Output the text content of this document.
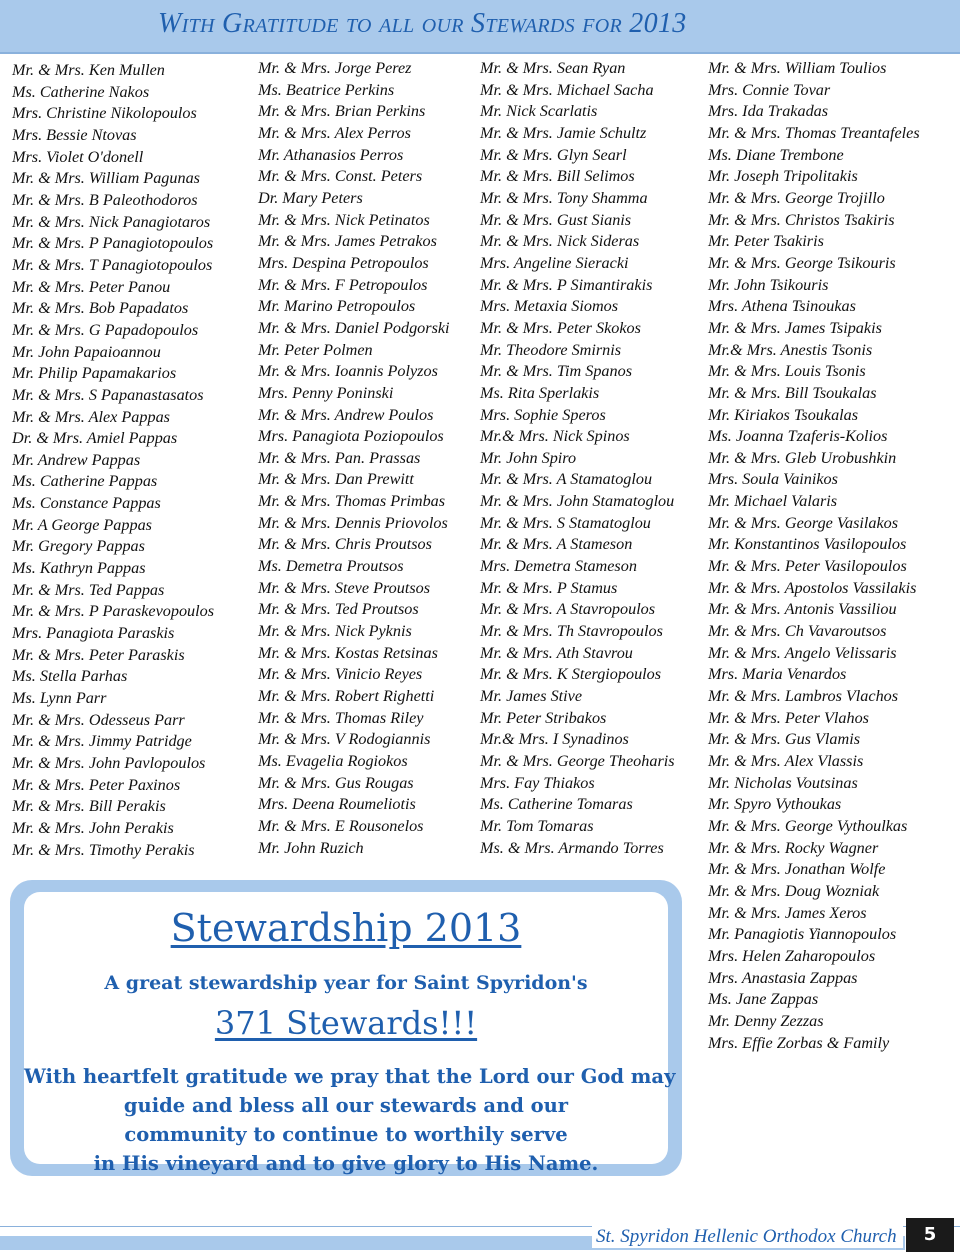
With Gratitude to all our Stewards for 2013
Mr. & Mrs. Ken Mullen
Ms. Catherine Nakos
Mrs. Christine Nikolopoulos
Mrs. Bessie Ntovas
Mrs. Violet O'donell
Mr. & Mrs. William Pagunas
Mr. & Mrs. B Paleothodoros
Mr. & Mrs. Nick Panagiotaros
Mr. & Mrs. P Panagiotopoulos
Mr. & Mrs. T Panagiotopoulos
Mr. & Mrs. Peter Panou
Mr. & Mrs. Bob Papadatos
Mr. & Mrs. G Papadopoulos
Mr. John Papaioannou
Mr. Philip Papamakarios
Mr. & Mrs. S Papanastasatos
Mr. & Mrs. Alex Pappas
Dr. & Mrs. Amiel Pappas
Mr. Andrew Pappas
Ms. Catherine Pappas
Ms. Constance Pappas
Mr. A George Pappas
Mr. Gregory Pappas
Ms. Kathryn Pappas
Mr. & Mrs. Ted Pappas
Mr. & Mrs. P Paraskevopoulos
Mrs. Panagiota Paraskis
Mr. & Mrs. Peter Paraskis
Ms. Stella Parhas
Ms. Lynn Parr
Mr. & Mrs. Odesseus Parr
Mr. & Mrs. Jimmy Patridge
Mr. & Mrs. John Pavlopoulos
Mr. & Mrs. Peter Paxinos
Mr. & Mrs. Bill Perakis
Mr. & Mrs. John Perakis
Mr. & Mrs. Timothy Perakis
Mr. & Mrs. Jorge Perez
Ms. Beatrice Perkins
Mr. & Mrs. Brian Perkins
Mr. & Mrs. Alex Perros
Mr. Athanasios Perros
Mr. & Mrs. Const. Peters
Dr. Mary Peters
Mr. & Mrs. Nick Petinatos
Mr. & Mrs. James Petrakos
Mrs. Despina Petropoulos
Mr. & Mrs. F Petropoulos
Mr. Marino Petropoulos
Mr. & Mrs. Daniel Podgorski
Mr. Peter Polmen
Mr. & Mrs. Ioannis Polyzos
Mrs. Penny Poninski
Mr. & Mrs. Andrew Poulos
Mrs. Panagiota Poziopoulos
Mr. & Mrs. Pan. Prassas
Mr. & Mrs. Dan Prewitt
Mr. & Mrs. Thomas Primbas
Mr. & Mrs. Dennis Priovolos
Mr. & Mrs. Chris Proutsos
Ms. Demetra Proutsos
Mr. & Mrs. Steve Proutsos
Mr. & Mrs. Ted Proutsos
Mr. & Mrs. Nick Pyknis
Mr. & Mrs. Kostas Retsinas
Mr. & Mrs. Vinicio Reyes
Mr. & Mrs. Robert Righetti
Mr. & Mrs. Thomas Riley
Mr. & Mrs. V Rodogiannis
Ms. Evagelia Rogiokos
Mr. & Mrs. Gus Rougas
Mrs. Deena Roumeliotis
Mr. & Mrs. E Rousonelos
Mr. John Ruzich
Mr. & Mrs. Sean Ryan
Mr. & Mrs. Michael Sacha
Mr. Nick Scarlatis
Mr. & Mrs. Jamie Schultz
Mr. & Mrs. Glyn Searl
Mr. & Mrs. Bill Selimos
Mr. & Mrs. Tony Shamma
Mr. & Mrs. Gust Sianis
Mr. & Mrs. Nick Sideras
Mrs. Angeline Sieracki
Mr. & Mrs. P Simantirakis
Mrs. Metaxia Siomos
Mr. & Mrs. Peter Skokos
Mr. Theodore Smirnis
Mr. & Mrs. Tim Spanos
Ms. Rita Sperlakis
Mrs. Sophie Speros
Mr.& Mrs. Nick Spinos
Mr. John Spiro
Mr. & Mrs. A Stamatoglou
Mr. & Mrs. John Stamatoglou
Mr. & Mrs. S Stamatoglou
Mr. & Mrs. A Stameson
Mrs. Demetra Stameson
Mr. & Mrs. P Stamus
Mr. & Mrs. A Stavropoulos
Mr. & Mrs. Th Stavropoulos
Mr. & Mrs. Ath Stavrou
Mr. & Mrs. K Stergiopoulos
Mr. James Stive
Mr. Peter Stribakos
Mr.& Mrs. I Synadinos
Mr. & Mrs. George Theoharis
Mrs. Fay Thiakos
Ms. Catherine Tomaras
Mr. Tom Tomaras
Ms. & Mrs. Armando Torres
Mr. & Mrs. William Toulios
Mrs. Connie Tovar
Mrs. Ida Trakadas
Mr. & Mrs. Thomas Treantafeles
Ms. Diane Trembone
Mr. Joseph Tripolitakis
Mr. & Mrs. George Trojillo
Mr. & Mrs. Christos Tsakiris
Mr. Peter Tsakiris
Mr. & Mrs. George Tsikouris
Mr. John Tsikouris
Mrs. Athena Tsinoukas
Mr. & Mrs. James Tsipakis
Mr.& Mrs. Anestis Tsonis
Mr. & Mrs. Louis Tsonis
Mr. & Mrs. Bill Tsoukalas
Mr. Kiriakos Tsoukalas
Ms. Joanna Tzaferis-Kolios
Mr. & Mrs. Gleb Urobushkin
Mrs. Soula Vainikos
Mr. Michael Valaris
Mr. & Mrs. George Vasilakos
Mr. Konstantinos Vasilopoulos
Mr. & Mrs. Peter Vasilopoulos
Mr. & Mrs. Apostolos Vassilakis
Mr. & Mrs. Antonis Vassiliou
Mr. & Mrs. Ch Vavaroutsos
Mr. & Mrs. Angelo Velissaris
Mrs. Maria Venardos
Mr. & Mrs. Lambros Vlachos
Mr. & Mrs. Peter Vlahos
Mr. & Mrs. Gus Vlamis
Mr. & Mrs. Alex Vlassis
Mr. Nicholas Voutsinas
Mr. Spyro Vythoukas
Mr. & Mrs. George Vythoulkas
Mr. & Mrs. Rocky Wagner
Mr. & Mrs. Jonathan Wolfe
Mr. & Mrs. Doug Wozniak
Mr. & Mrs. James Xeros
Mr. Panagiotis Yiannopoulos
Mrs. Helen Zaharopoulos
Mrs. Anastasia Zappas
Ms. Jane Zappas
Mr. Denny Zezzas
Mrs. Effie Zorbas & Family
Stewardship 2013
A great stewardship year for Saint Spyridon's
371 Stewards!!!
With heartfelt gratitude we pray that the Lord our God may
guide and bless all our stewards and our
community to continue to worthily serve
in His vineyard and to give glory to His Name.
St. Spyridon Hellenic Orthodox Church	5
